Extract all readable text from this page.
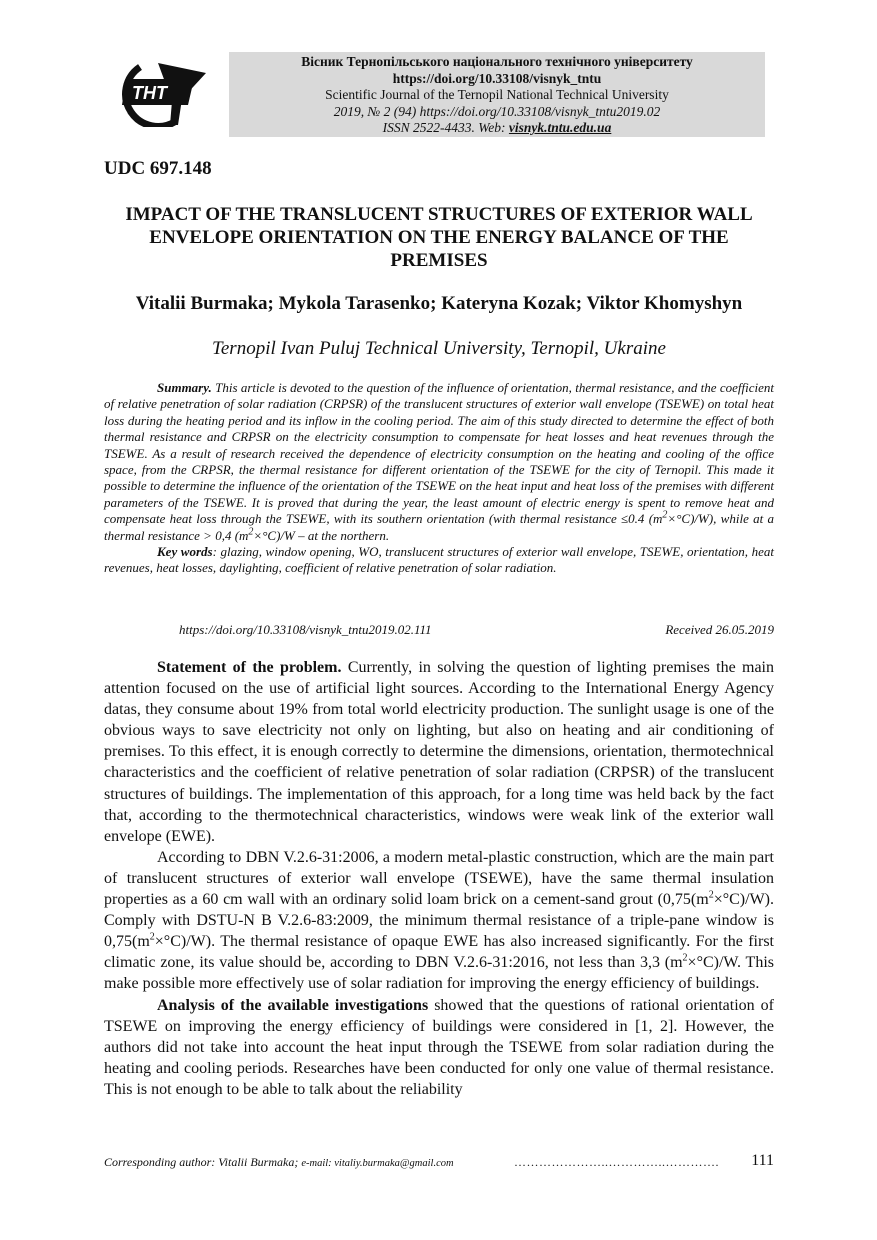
THT
Вісник Тернопільського національного технічного університету
https://doi.org/10.33108/visnyk_tntu
Scientific Journal of the Ternopil National Technical University
2019, № 2 (94) https://doi.org/10.33108/visnyk_tntu2019.02
ISSN 2522-4433. Web: visnyk.tntu.edu.ua
UDC 697.148
IMPACT OF THE TRANSLUCENT STRUCTURES OF EXTERIOR WALL ENVELOPE ORIENTATION ON THE ENERGY BALANCE OF THE PREMISES
Vitalii Burmaka; Mykola Tarasenko; Kateryna Kozak; Viktor Khomyshyn
Ternopil Ivan Puluj Technical University, Ternopil, Ukraine

Summary. This article is devoted to the question of the influence of orientation, thermal resistance, and the coefficient of relative penetration of solar radiation (CRPSR) of the translucent structures of exterior wall envelope (TSEWE) on total heat loss during the heating period and its inflow in the cooling period. The aim of this study directed to determine the effect of both thermal resistance and CRPSR on the electricity consumption to compensate for heat losses and heat revenues through the TSEWE. As a result of research received the dependence of electricity consumption on the heating and cooling of the office space, from the CRPSR, the thermal resistance for different orientation of the TSEWE for the city of Ternopil. This made it possible to determine the influence of the orientation of the TSEWE on the heat input and heat loss of the premises with different parameters of the TSEWE. It is proved that during the year, the least amount of electric energy is spent to remove heat and compensate heat loss through the TSEWE, with its southern orientation (with thermal resistance ≤0.4 $(m^2\times^\circ C)/W$), while at a thermal resistance > 0,4 $(m^2\times^\circ C)/W$ – at the northern.

Key words: glazing, window opening, WO, translucent structures of exterior wall envelope, TSEWE, orientation, heat revenues, heat losses, daylighting, coefficient of relative penetration of solar radiation.

https://doi.org/10.33108/visnyk_tntu2019.02.111	Received 26.05.2019

Statement of the problem. Currently, in solving the question of lighting premises the main attention focused on the use of artificial light sources. According to the International Energy Agency datas, they consume about 19% from total world electricity production. The sunlight usage is one of the obvious ways to save electricity not only on lighting, but also on heating and air conditioning of premises. To this effect, it is enough correctly to determine the dimensions, orientation, thermotechnical characteristics and the coefficient of relative penetration of solar radiation (CRPSR) of the translucent structures of buildings. The implementation of this approach, for a long time was held back by the fact that, according to the thermotechnical characteristics, windows were weak link of the exterior wall envelope (EWE).

According to DBN V.2.6-31:2006, a modern metal-plastic construction, which are the main part of translucent structures of exterior wall envelope (TSEWE), have the same thermal insulation properties as a 60 cm wall with an ordinary solid loam brick on a cement-sand grout $(0,75(m^2\times^\circ C)/W)$. Comply with DSTU-N B V.2.6-83:2009, the minimum thermal resistance of a triple-pane window is $0,75(m^2\times^\circ C)/W$). The thermal resistance of opaque EWE has also increased significantly. For the first climatic zone, its value should be, according to DBN V.2.6-31:2016, not less than 3,3 $(m^2\times^\circ C)/W$. This make possible more effectively use of solar radiation for improving the energy efficiency of buildings.

Analysis of the available investigations showed that the questions of rational orientation of TSEWE on improving the energy efficiency of buildings were considered in [1, 2]. However, the authors did not take into account the heat input through the TSEWE from solar radiation during the heating and cooling periods. Researches have been conducted for only one value of thermal resistance. This is not enough to be able to talk about the reliability

Corresponding author: Vitalii Burmaka; e-mail: vitaliy.burmaka@gmail.com	…………………..…………..…………. 111
